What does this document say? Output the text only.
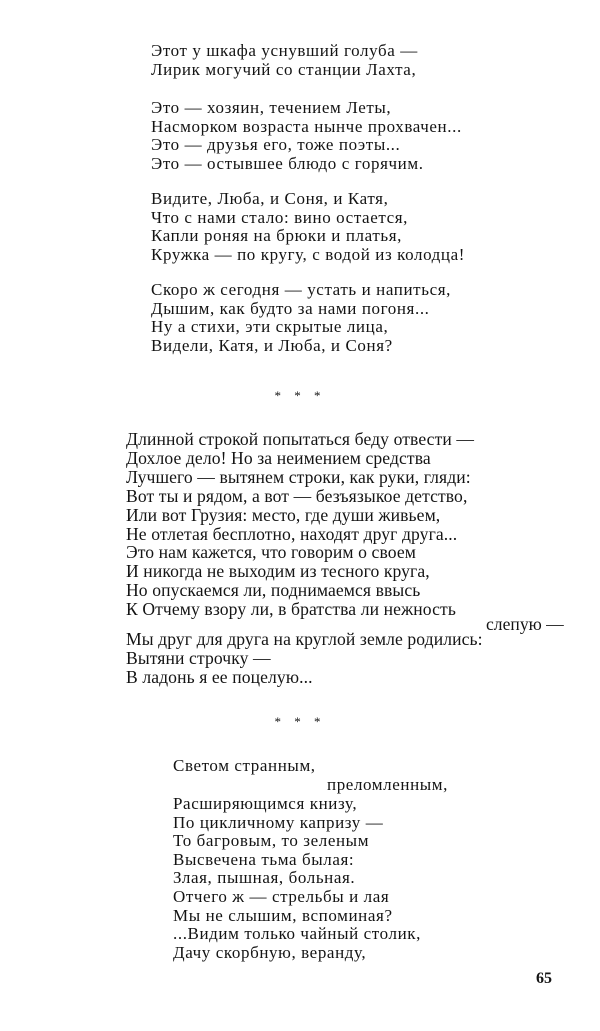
Этот у шкафа уснувший голуба —
Лирик могучий со станции Лахта,
Это — хозяин, течением Леты,
Насморком возраста нынче прохвачен...
Это — друзья его, тоже поэты...
Это — остывшее блюдо с горячим.
Видите, Люба, и Соня, и Катя,
Что с нами стало: вино остается,
Капли роняя на брюки и платья,
Кружка — по кругу, с водой из колодца!
Скоро ж сегодня — устать и напиться,
Дышим, как будто за нами погоня...
Ну а стихи, эти скрытые лица,
Видели, Катя, и Люба, и Соня?
* * *
Длинной строкой попытаться беду отвести —
Дохлое дело! Но за неимением средства
Лучшего — вытянем строки, как руки, гляди:
Вот ты и рядом, а вот — безъязыкое детство,
Или вот Грузия: место, где души живьем,
Не отлетая бесплотно, находят друг друга...
Это нам кажется, что говорим о своем
И никогда не выходим из тесного круга,
Но опускаемся ли, поднимаемся ввысь
К Отчему взору ли, в братства ли нежность
слепую —
Мы друг для друга на круглой земле родились:
Вытяни строчку —
В ладонь я ее поцелую...
* * *
Светом странным,
преломленным,
Расширяющимся книзу,
По цикличному капризу —
То багровым, то зеленым
Высвечена тьма былая:
Злая, пышная, больная.
Отчего ж — стрельбы и лая
Мы не слышим, вспоминая?
...Видим только чайный столик,
Дачу скорбную, веранду,
65
